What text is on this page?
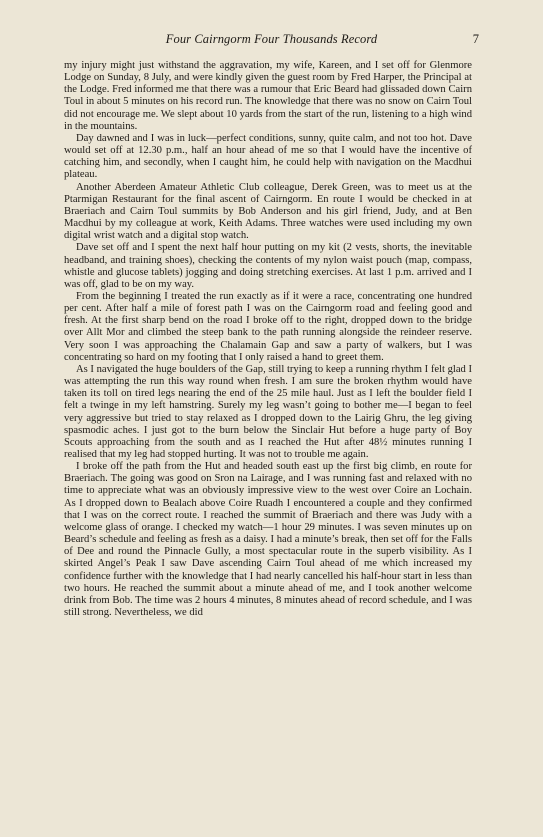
Four Cairngorm Four Thousands Record	7

my injury might just withstand the aggravation, my wife, Kareen, and I set off for Glenmore Lodge on Sunday, 8 July, and were kindly given the guest room by Fred Harper, the Principal at the Lodge. Fred informed me that there was a rumour that Eric Beard had glissaded down Cairn Toul in about 5 minutes on his record run. The knowledge that there was no snow on Cairn Toul did not encourage me. We slept about 10 yards from the start of the run, listening to a high wind in the mountains.

Day dawned and I was in luck—perfect conditions, sunny, quite calm, and not too hot. Dave would set off at 12.30 p.m., half an hour ahead of me so that I would have the incentive of catching him, and secondly, when I caught him, he could help with navigation on the Macdhui plateau.

Another Aberdeen Amateur Athletic Club colleague, Derek Green, was to meet us at the Ptarmigan Restaurant for the final ascent of Cairngorm. En route I would be checked in at Braeriach and Cairn Toul summits by Bob Anderson and his girl friend, Judy, and at Ben Macdhui by my colleague at work, Keith Adams. Three watches were used including my own digital wrist watch and a digital stop watch.

Dave set off and I spent the next half hour putting on my kit (2 vests, shorts, the inevitable headband, and training shoes), checking the contents of my nylon waist pouch (map, compass, whistle and glucose tablets) jogging and doing stretching exercises. At last 1 p.m. arrived and I was off, glad to be on my way.

From the beginning I treated the run exactly as if it were a race, concentrating one hundred per cent. After half a mile of forest path I was on the Cairngorm road and feeling good and fresh. At the first sharp bend on the road I broke off to the right, dropped down to the bridge over Allt Mor and climbed the steep bank to the path running alongside the reindeer reserve. Very soon I was approaching the Chalamain Gap and saw a party of walkers, but I was concentrating so hard on my footing that I only raised a hand to greet them.

As I navigated the huge boulders of the Gap, still trying to keep a running rhythm I felt glad I was attempting the run this way round when fresh. I am sure the broken rhythm would have taken its toll on tired legs nearing the end of the 25 mile haul. Just as I left the boulder field I felt a twinge in my left hamstring. Surely my leg wasn’t going to bother me—I began to feel very aggressive but tried to stay relaxed as I dropped down to the Lairig Ghru, the leg giving spasmodic aches. I just got to the burn below the Sinclair Hut before a huge party of Boy Scouts approaching from the south and as I reached the Hut after 48½ minutes running I realised that my leg had stopped hurting. It was not to trouble me again.

I broke off the path from the Hut and headed south east up the first big climb, en route for Braeriach. The going was good on Sron na Lairage, and I was running fast and relaxed with no time to appreciate what was an obviously impressive view to the west over Coire an Lochain. As I dropped down to Bealach above Coire Ruadh I encountered a couple and they confirmed that I was on the correct route. I reached the summit of Braeriach and there was Judy with a welcome glass of orange. I checked my watch—1 hour 29 minutes. I was seven minutes up on Beard’s schedule and feeling as fresh as a daisy. I had a minute’s break, then set off for the Falls of Dee and round the Pinnacle Gully, a most spectacular route in the superb visibility. As I skirted Angel’s Peak I saw Dave ascending Cairn Toul ahead of me which increased my confidence further with the knowledge that I had nearly cancelled his half-hour start in less than two hours. He reached the summit about a minute ahead of me, and I took another welcome drink from Bob. The time was 2 hours 4 minutes, 8 minutes ahead of record schedule, and I was still strong. Nevertheless, we did
